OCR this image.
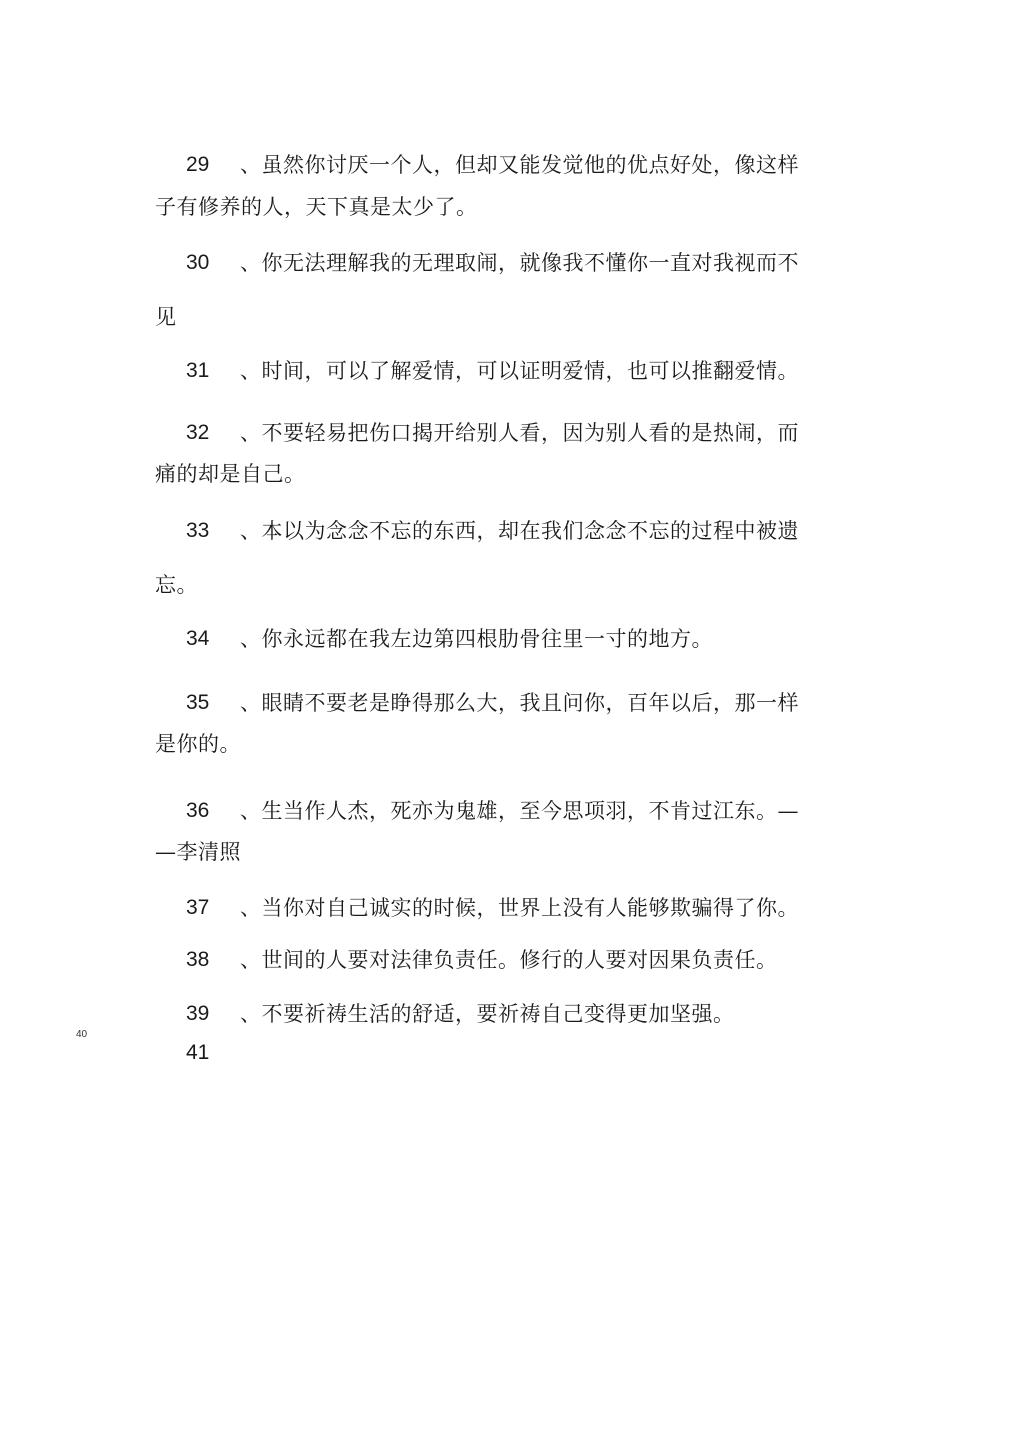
29 、虽然你讨厌一个人，但却又能发觉他的优点好处，像这样
子有修养的人，天下真是太少了。
30 、你无法理解我的无理取闹，就像我不懂你一直对我视而不
见
31 、时间，可以了解爱情，可以证明爱情，也可以推翻爱情。
32 、不要轻易把伤口揭开给别人看，因为别人看的是热闹，而
痛的却是自己。
33 、本以为念念不忘的东西，却在我们念念不忘的过程中被遗
忘。
34 、你永远都在我左边第四根肋骨往里一寸的地方。
35 、眼睛不要老是睁得那么大，我且问你，百年以后，那一样
是你的。
36 、生当作人杰，死亦为鬼雄，至今思项羽，不肯过江东。—
—李清照
37 、当你对自己诚实的时候，世界上没有人能够欺骗得了你。
38 、世间的人要对法律负责任。修行的人要对因果负责任。
39 、不要祈祷生活的舒适，要祈祷自己变得更加坚强。
40
41
